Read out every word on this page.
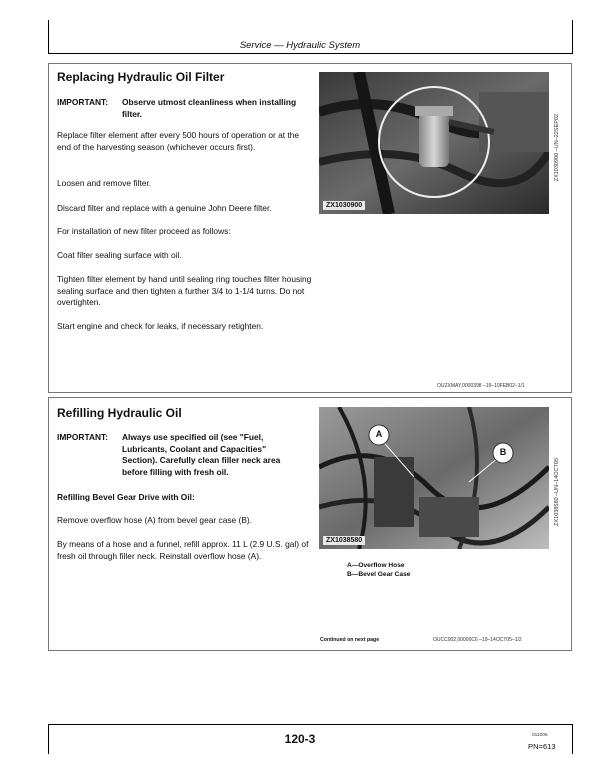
Service — Hydraulic System
Replacing Hydraulic Oil Filter
IMPORTANT: Observe utmost cleanliness when installing filter.
Replace filter element after every 500 hours of operation or at the end of the harvesting season (whichever occurs first).
Loosen and remove filter.
Discard filter and replace with a genuine John Deere filter.
For installation of new filter proceed as follows:
Coat filter sealing surface with oil.
Tighten filter element by hand until sealing ring touches filter housing sealing surface and then tighten a further 3/4 to 1-1/4 turns. Do not overtighten.
Start engine and check for leaks, if necessary retighten.
ZX1030900
ZX1030900 –UN–22SEP02
OUZXMAY,0000398 –19–10FEB02–1/1
Refilling Hydraulic Oil
IMPORTANT: Always use specified oil (see "Fuel, Lubricants, Coolant and Capacities" Section). Carefully clean filler neck area before filling with fresh oil.
Refilling Bevel Gear Drive with Oil:
Remove overflow hose (A) from bevel gear case (B).
By means of a hose and a funnel, refill approx. 11 L (2.9 U.S. gal) of fresh oil through filler neck. Reinstall overflow hose (A).
A
B
ZX1038580
ZX1038580 –UN–14OCT05
A—Overflow Hose
B—Bevel Gear Case
Continued on next page	OUCC002,00000C6 –19–14OCT05–1/2
120-3	011006
PN=613
